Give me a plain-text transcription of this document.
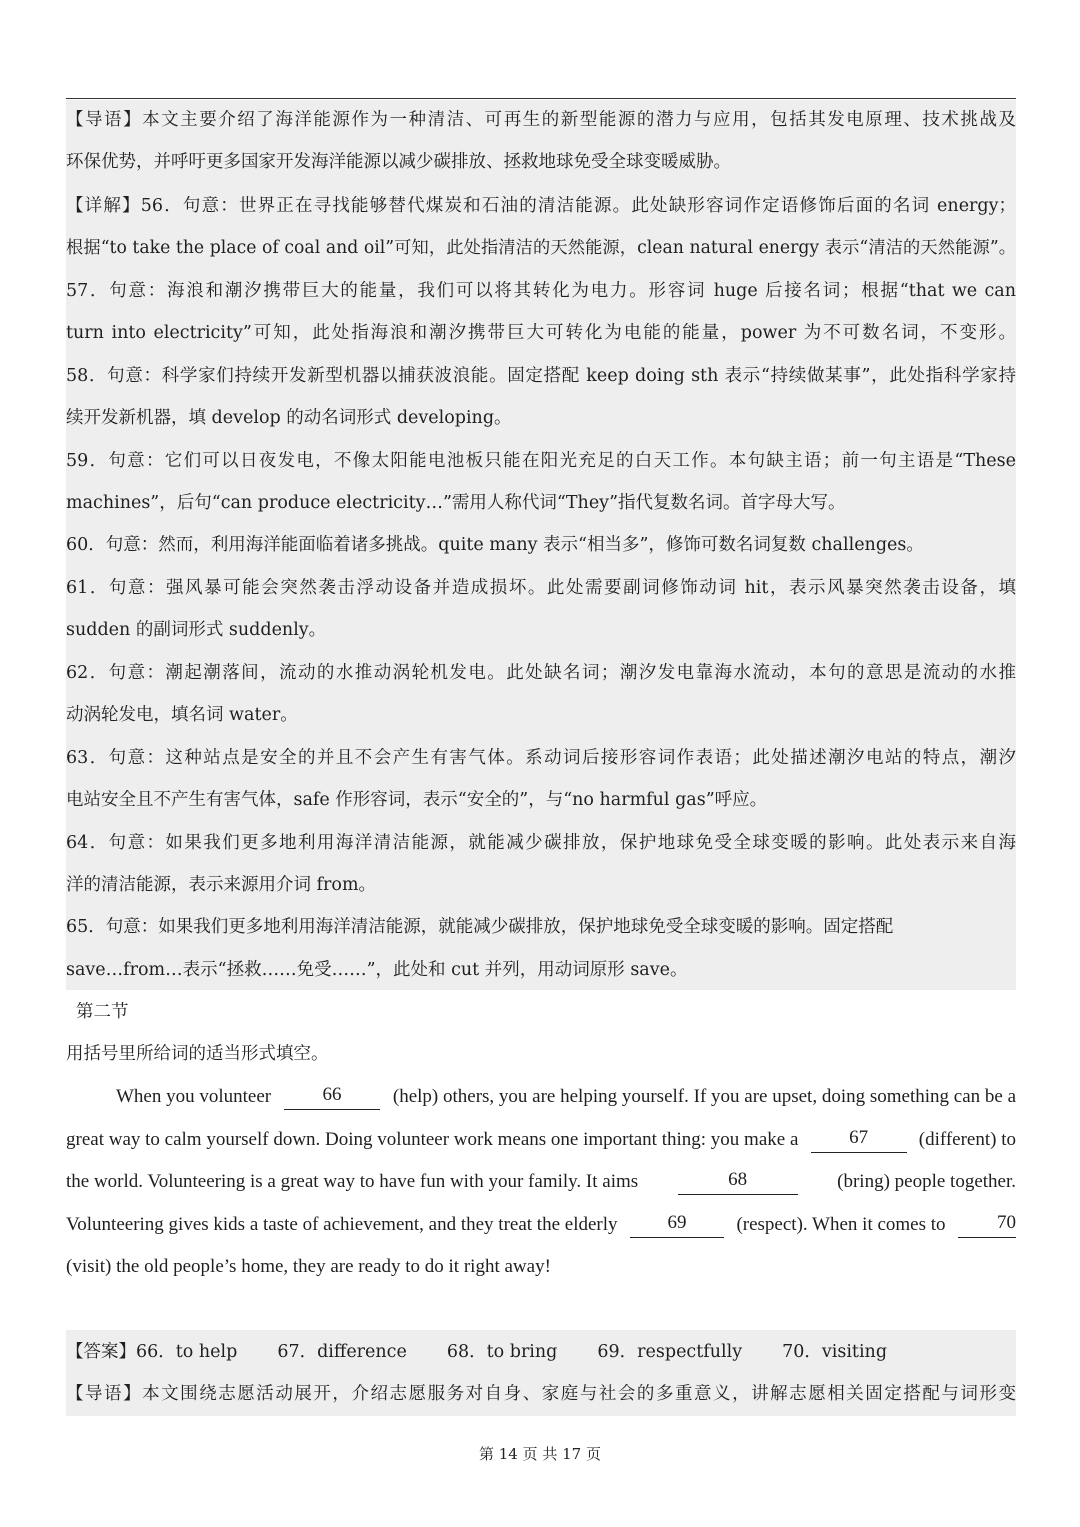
【导语】本文主要介绍了海洋能源作为一种清洁、可再生的新型能源的潜力与应用，包括其发电原理、技术挑战及
环保优势，并呼吁更多国家开发海洋能源以减少碳排放、拯救地球免受全球变暖威胁。
【详解】56．句意：世界正在寻找能够替代煤炭和石油的清洁能源。此处缺形容词作定语修饰后面的名词 energy；
根据“to take the place of coal and oil”可知，此处指清洁的天然能源，clean natural energy 表示“清洁的天然能源”。
57．句意：海浪和潮汐携带巨大的能量，我们可以将其转化为电力。形容词 huge 后接名词；根据“that we can
turn into electricity”可知，此处指海浪和潮汐携带巨大可转化为电能的能量，power 为不可数名词，不变形。
58．句意：科学家们持续开发新型机器以捕获波浪能。固定搭配 keep doing sth 表示“持续做某事”，此处指科学家持
续开发新机器，填 develop 的动名词形式 developing。
59．句意：它们可以日夜发电，不像太阳能电池板只能在阳光充足的白天工作。本句缺主语；前一句主语是“These
machines”，后句“can produce electricity…”需用人称代词“They”指代复数名词。首字母大写。
60．句意：然而，利用海洋能面临着诸多挑战。quite many 表示“相当多”，修饰可数名词复数 challenges。
61．句意：强风暴可能会突然袭击浮动设备并造成损坏。此处需要副词修饰动词 hit，表示风暴突然袭击设备，填
sudden 的副词形式 suddenly。
62．句意：潮起潮落间，流动的水推动涡轮机发电。此处缺名词；潮汐发电靠海水流动，本句的意思是流动的水推
动涡轮发电，填名词 water。
63．句意：这种站点是安全的并且不会产生有害气体。系动词后接形容词作表语；此处描述潮汐电站的特点，潮汐
电站安全且不产生有害气体，safe 作形容词，表示“安全的”，与“no harmful gas”呼应。
64．句意：如果我们更多地利用海洋清洁能源，就能减少碳排放，保护地球免受全球变暖的影响。此处表示来自海
洋的清洁能源，表示来源用介词 from。
65．句意：如果我们更多地利用海洋清洁能源，就能减少碳排放，保护地球免受全球变暖的影响。固定搭配
save…from…表示“拯救……免受……”，此处和 cut 并列，用动词原形 save。
第二节
用括号里所给词的适当形式填空。
When you volunteer	66	(help) others, you are helping yourself. If you are upset, doing something can be a
great way to calm yourself down. Doing volunteer work means one important thing: you make a	67	(different) to
the world. Volunteering is a great way to have fun with your family. It aims	68	(bring) people together.
Volunteering gives kids a taste of achievement, and they treat the elderly	69	(respect). When it comes to	70
(visit) the old people’s home, they are ready to do it right away!
【答案】66．to help 67．difference 68．to bring 69．respectfully 70．visiting
【导语】本文围绕志愿活动展开，介绍志愿服务对自身、家庭与社会的多重意义，讲解志愿相关固定搭配与词形变
第 14 页 共 17 页
